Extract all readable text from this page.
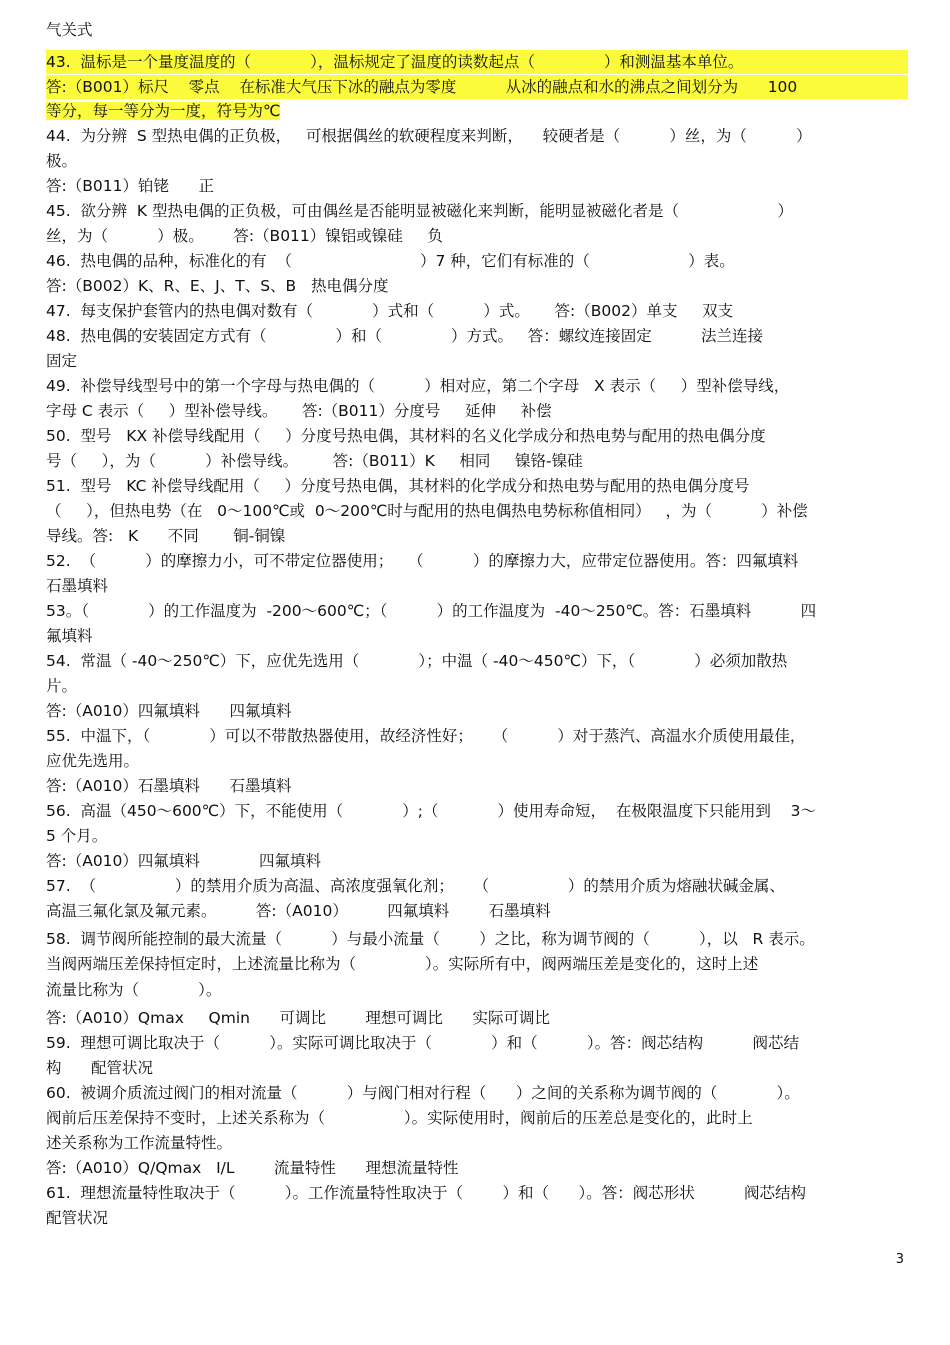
气关式
43.  温标是一个量度温度的（            ），温标规定了温度的读数起点（              ）和测温基本单位。
答:（B001）标尺    零点    在标准大气压下冰的融点为零度          从冰的融点和水的沸点之间划分为      100
等分，每一等分为一度，符号为℃
44.  为分辨  S 型热电偶的正负极，   可根据偶丝的软硬程度来判断，    较硬者是（          ）丝，为（          ）
极。
答:（B011）铂铑      正
45.  欲分辨  K 型热电偶的正负极，可由偶丝是否能明显被磁化来判断，能明显被磁化者是（                    ）
丝，为（          ）极。      答:（B011）镍铝或镍硅     负
46.  热电偶的品种，标准化的有  （                          ）7 种，它们有标准的（                    ）表。
答:（B002）K、R、E、J、T、S、B   热电偶分度
47.  每支保护套管内的热电偶对数有（            ）式和（          ）式。     答:（B002）单支     双支
48.  热电偶的安装固定方式有（              ）和（              ）方式。   答：螺纹连接固定          法兰连接
固定
49.  补偿导线型号中的第一个字母与热电偶的（          ）相对应，第二个字母   X 表示（     ）型补偿导线，
字母 C 表示（     ）型补偿导线。     答:（B011）分度号     延伸     补偿
50.  型号   KX 补偿导线配用（     ）分度号热电偶，其材料的名义化学成分和热电势与配用的热电偶分度
号（     ），为（          ）补偿导线。       答:（B011）K     相同     镍铬-镍硅
51.  型号   KC 补偿导线配用（     ）分度号热电偶，其材料的化学成分和热电势与配用的热电偶分度号
（     ），但热电势（在   0～100℃或  0～200℃时与配用的热电偶热电势标称值相同）   ，为（          ）补偿
导线。答:   K      不同       铜-铜镍
52.  （          ）的摩擦力小，可不带定位器使用；   （          ）的摩擦力大，应带定位器使用。答：四氟填料
石墨填料
53。（            ）的工作温度为  -200～600℃；（          ）的工作温度为  -40～250℃。答：石墨填料          四
氟填料
54.  常温（ -40～250℃）下，应优先选用（            ）；中温（ -40～450℃）下，（            ）必须加散热
片。
答:（A010）四氟填料      四氟填料
55.  中温下，（            ）可以不带散热器使用，故经济性好；    （          ）对于蒸汽、高温水介质使用最佳，
应优先选用。
答:（A010）石墨填料      石墨填料
56.  高温（450～600℃）下，不能使用（            ）;（            ）使用寿命短，  在极限温度下只能用到    3～
5 个月。
答:（A010）四氟填料            四氟填料
57.  （                ）的禁用介质为高温、高浓度强氧化剂；    （                ）的禁用介质为熔融状碱金属、
高温三氟化氯及氟元素。        答:（A010）        四氟填料        石墨填料
58.  调节阀所能控制的最大流量（          ）与最小流量（        ）之比，称为调节阀的（          ），以   R 表示。
当阀两端压差保持恒定时，上述流量比称为（              ）。实际所有中，阀两端压差是变化的，这时上述
流量比称为（            ）。
答:（A010）Qmax     Qmin      可调比        理想可调比      实际可调比
59.  理想可调比取决于（          ）。实际可调比取决于（            ）和（          ）。答：阀芯结构          阀芯结
构      配管状况
60.  被调介质流过阀门的相对流量（          ）与阀门相对行程（      ）之间的关系称为调节阀的（            ）。
阀前后压差保持不变时，上述关系称为（                ）。实际使用时，阀前后的压差总是变化的，此时上
述关系称为工作流量特性。
答:（A010）Q/Qmax   I/L        流量特性      理想流量特性
61.  理想流量特性取决于（          ）。工作流量特性取决于（        ）和（      ）。答：阀芯形状          阀芯结构
配管状况
3
